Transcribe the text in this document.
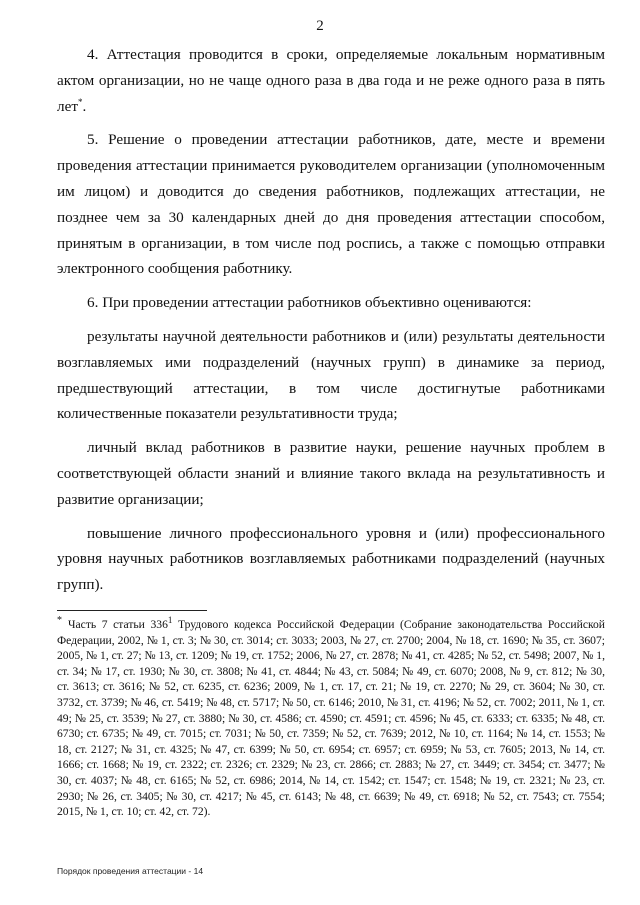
2

4. Аттестация проводится в сроки, определяемые локальным нормативным актом организации, но не чаще одного раза в два года и не реже одного раза в пять лет*.

5. Решение о проведении аттестации работников, дате, месте и времени проведения аттестации принимается руководителем организации (уполномоченным им лицом) и доводится до сведения работников, подлежащих аттестации, не позднее чем за 30 календарных дней до дня проведения аттестации способом, принятым в организации, в том числе под роспись, а также с помощью отправки электронного сообщения работнику.

6. При проведении аттестации работников объективно оцениваются:

результаты научной деятельности работников и (или) результаты деятельности возглавляемых ими подразделений (научных групп) в динамике за период, предшествующий аттестации, в том числе достигнутые работниками количественные показатели результативности труда;

личный вклад работников в развитие науки, решение научных проблем в соответствующей области знаний и влияние такого вклада на результативность и развитие организации;

повышение личного профессионального уровня и (или) профессионального уровня научных работников возглавляемых работниками подразделений (научных групп).

* Часть 7 статьи $336^1$ Трудового кодекса Российской Федерации (Собрание законодательства Российской Федерации, 2002, № 1, ст. 3; № 30, ст. 3014; ст. 3033; 2003, № 27, ст. 2700; 2004, № 18, ст. 1690; № 35, ст. 3607; 2005, № 1, ст. 27; № 13, ст. 1209; № 19, ст. 1752; 2006, № 27, ст. 2878; № 41, ст. 4285; № 52, ст. 5498; 2007, № 1, ст. 34; № 17, ст. 1930; № 30, ст. 3808; № 41, ст. 4844; № 43, ст. 5084; № 49, ст. 6070; 2008, № 9, ст. 812; № 30, ст. 3613; ст. 3616; № 52, ст. 6235, ст. 6236; 2009, № 1, ст. 17, ст. 21; № 19, ст. 2270; № 29, ст. 3604; № 30, ст. 3732, ст. 3739; № 46, ст. 5419; № 48, ст. 5717; № 50, ст. 6146; 2010, № 31, ст. 4196; № 52, ст. 7002; 2011, № 1, ст. 49; № 25, ст. 3539; № 27, ст. 3880; № 30, ст. 4586; ст. 4590; ст. 4591; ст. 4596; № 45, ст. 6333; ст. 6335; № 48, ст. 6730; ст. 6735; № 49, ст. 7015; ст. 7031; № 50, ст. 7359; № 52, ст. 7639; 2012, № 10, ст. 1164; № 14, ст. 1553; № 18, ст. 2127; № 31, ст. 4325; № 47, ст. 6399; № 50, ст. 6954; ст. 6957; ст. 6959; № 53, ст. 7605; 2013, № 14, ст. 1666; ст. 1668; № 19, ст. 2322; ст. 2326; ст. 2329; № 23, ст. 2866; ст. 2883; № 27, ст. 3449; ст. 3454; ст. 3477; № 30, ст. 4037; № 48, ст. 6165; № 52, ст. 6986; 2014, № 14, ст. 1542; ст. 1547; ст. 1548; № 19, ст. 2321; № 23, ст. 2930; № 26, ст. 3405; № 30, ст. 4217; № 45, ст. 6143; № 48, ст. 6639; № 49, ст. 6918; № 52, ст. 7543; ст. 7554; 2015, № 1, ст. 10; ст. 42, ст. 72).

Порядок проведения аттестации - 14
